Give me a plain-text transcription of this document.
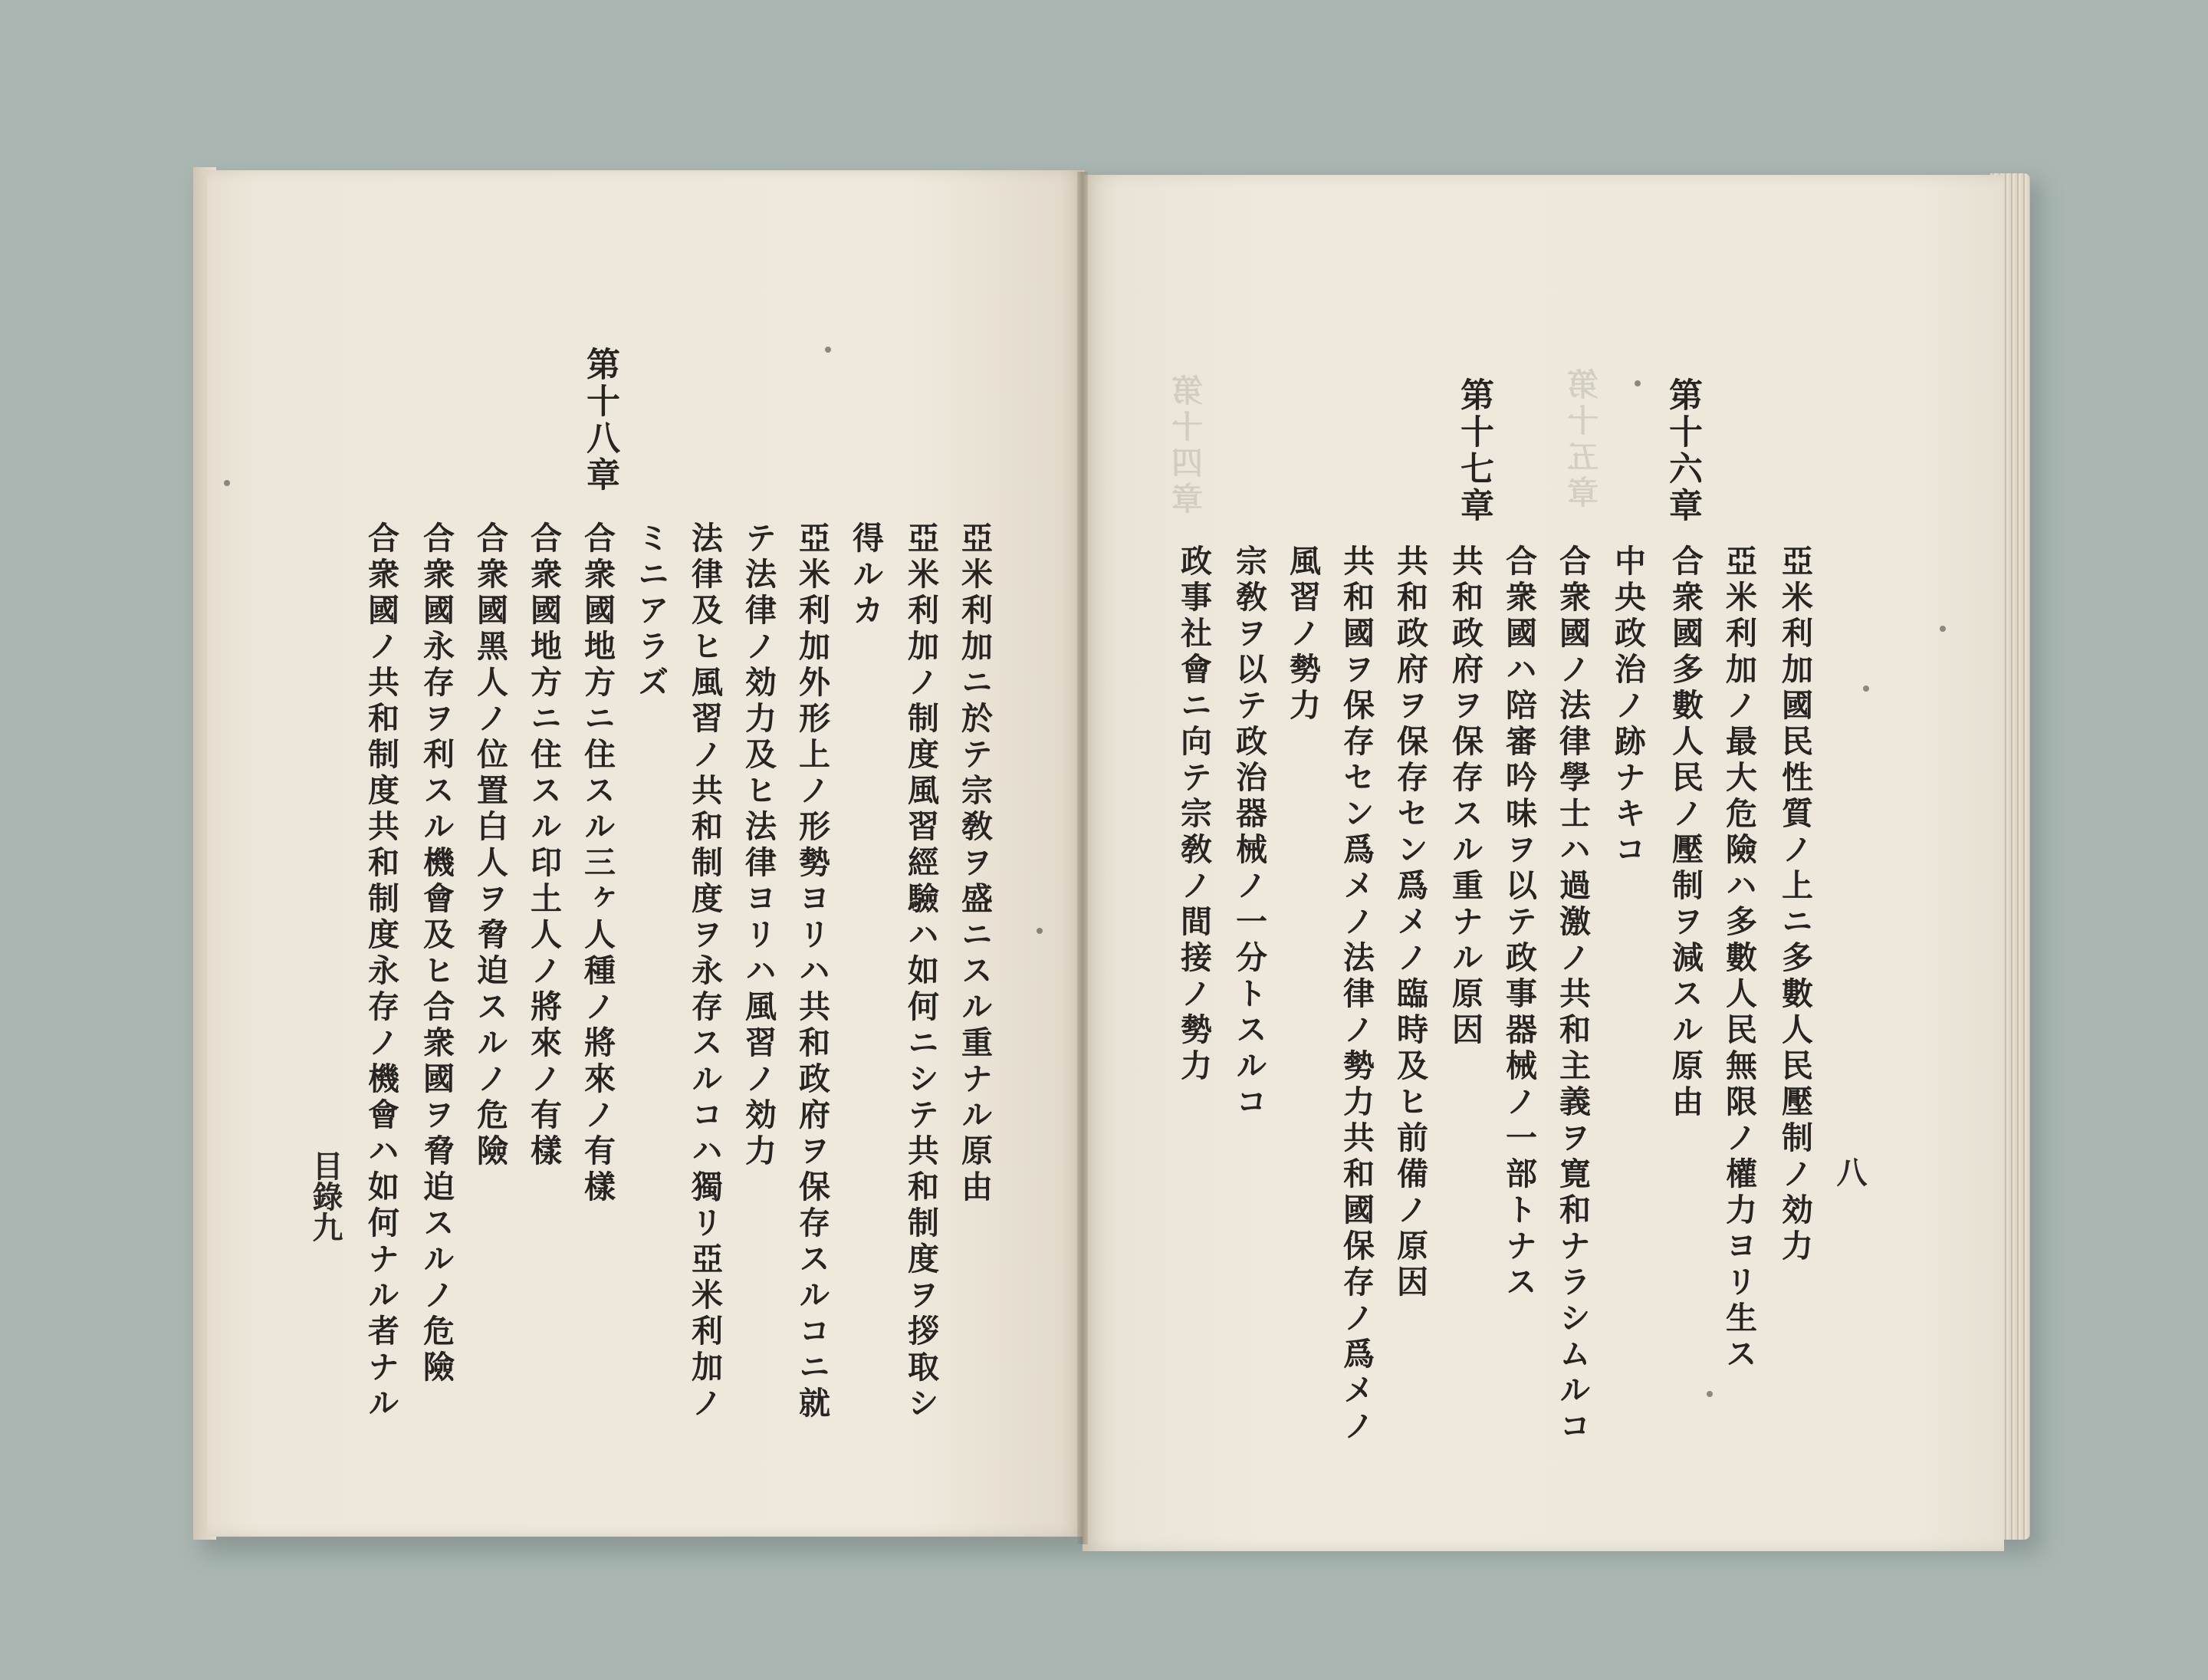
第十四章	第十五章 第十六章
亞米利加國民性質ノ上ニ多數人民壓制ノ効力
亞米利加ノ最大危險ハ多數人民無限ノ權力ヨリ生ス
合衆國多數人民ノ壓制ヲ減スル原由
中央政治ノ跡ナキコ
合衆國ノ法律學士ハ過激ノ共和主義ヲ寛和ナラシムルコ
合衆國ハ陪審吟味ヲ以テ政事器械ノ一部トナス
第十七章
共和政府ヲ保存スル重ナル原因
共和政府ヲ保存セン爲メノ臨時及ヒ前備ノ原因
共和國ヲ保存セン爲メノ法律ノ勢力共和國保存ノ爲メノ
風習ノ勢力
宗敎ヲ以テ政治器械ノ一分トスルコ
政事社會ニ向テ宗敎ノ間接ノ勢力
八
第十八章
亞米利加ニ於テ宗敎ヲ盛ニスル重ナル原由
亞米利加ノ制度風習經驗ハ如何ニシテ共和制度ヲ拶取シ
得ルカ
亞米利加外形上ノ形勢ヨリハ共和政府ヲ保存スルコニ就
テ法律ノ効力及ヒ法律ヨリハ風習ノ効力
法律及ヒ風習ノ共和制度ヲ永存スルコハ獨リ亞米利加ノ
ミニアラズ
合衆國地方ニ住スル三ヶ人種ノ將來ノ有樣
合衆國地方ニ住スル印土人ノ將來ノ有樣
合衆國黑人ノ位置白人ヲ脅迫スルノ危險
合衆國永存ヲ利スル機會及ヒ合衆國ヲ脅迫スルノ危險
合衆國ノ共和制度共和制度永存ノ機會ハ如何ナル者ナル
目錄九
